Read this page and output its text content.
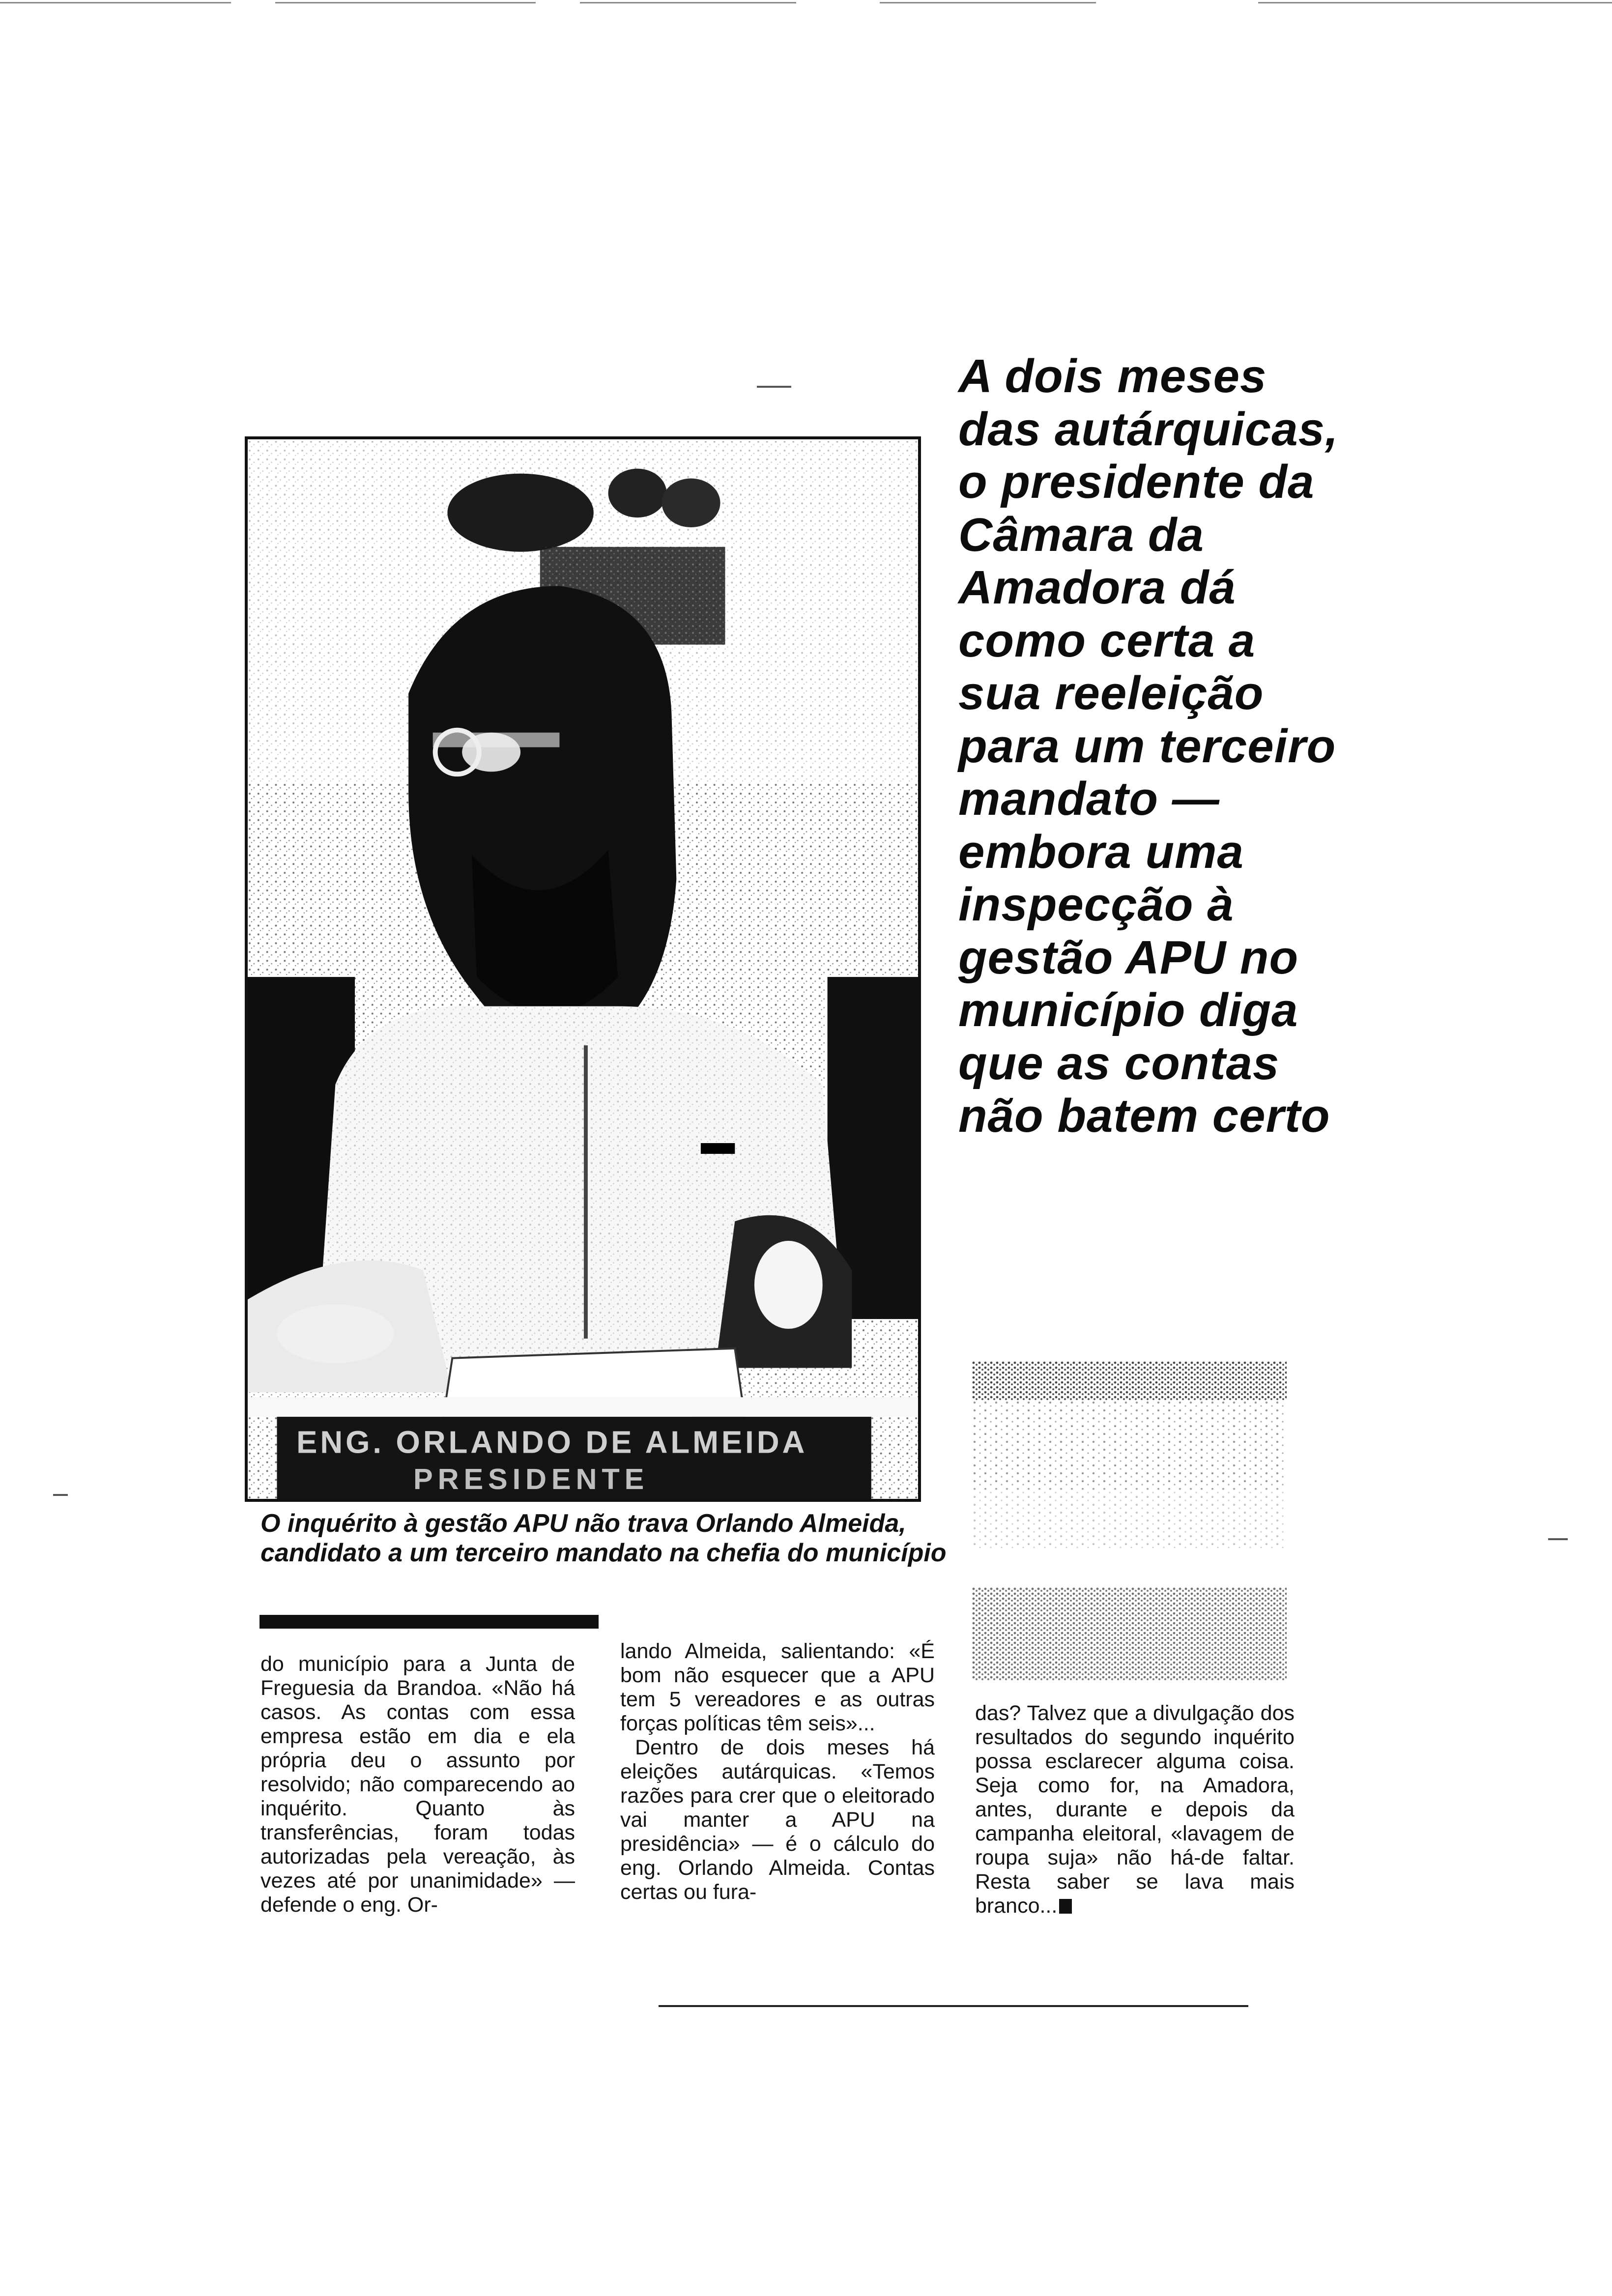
ENG. ORLANDO DE ALMEIDA
PRESIDENTE
A dois meses das autárquicas, o presidente da Câmara da Amadora dá como certa a sua reeleição para um terceiro mandato — embora uma inspecção à gestão APU no município diga que as contas não batem certo

O inquérito à gestão APU não trava Orlando Almeida, candidato a um terceiro mandato na chefia do município

do município para a Junta de Freguesia da Brandoa. «Não há casos. As contas com essa empresa estão em dia e ela própria deu o assunto por resolvido; não comparecendo ao inquérito. Quanto às transferências, foram todas autorizadas pela vereação, às vezes até por unanimidade» — defende o eng. Or-

lando Almeida, salientando: «É bom não esquecer que a APU tem 5 vereadores e as outras forças políticas têm seis»...

Dentro de dois meses há eleições autárquicas. «Temos razões para crer que o eleitorado vai manter a APU na presidência» — é o cálculo do eng. Orlando Almeida. Contas certas ou fura-

das? Talvez que a divulgação dos resultados do segundo inquérito possa esclarecer alguma coisa. Seja como for, na Amadora, antes, durante e depois da campanha eleitoral, «lavagem de roupa suja» não há-de faltar. Resta saber se lava mais branco...
